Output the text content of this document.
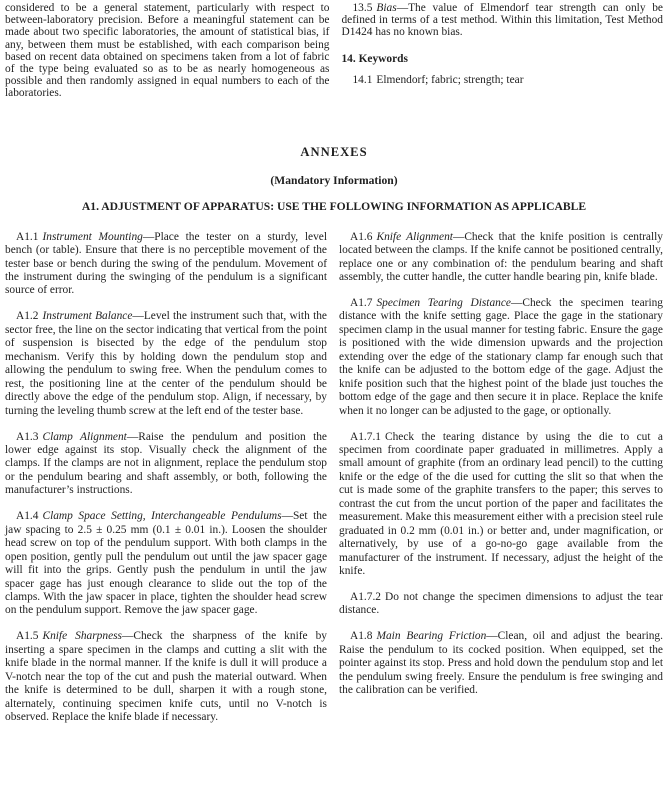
considered to be a general statement, particularly with respect to between-laboratory precision. Before a meaningful statement can be made about two specific laboratories, the amount of statistical bias, if any, between them must be established, with each comparison being based on recent data obtained on specimens taken from a lot of fabric of the type being evaluated so as to be as nearly homogeneous as possible and then randomly assigned in equal numbers to each of the laboratories.

13.5 Bias—The value of Elmendorf tear strength can only be defined in terms of a test method. Within this limitation, Test Method D1424 has no known bias.

14. Keywords

14.1 Elmendorf; fabric; strength; tear

ANNEXES
(Mandatory Information)
A1. ADJUSTMENT OF APPARATUS: USE THE FOLLOWING INFORMATION AS APPLICABLE

A1.1 Instrument Mounting—Place the tester on a sturdy, level bench (or table). Ensure that there is no perceptible movement of the tester base or bench during the swing of the pendulum. Movement of the instrument during the swinging of the pendulum is a significant source of error.

A1.2 Instrument Balance—Level the instrument such that, with the sector free, the line on the sector indicating that vertical from the point of suspension is bisected by the edge of the pendulum stop mechanism. Verify this by holding down the pendulum stop and allowing the pendulum to swing free. When the pendulum comes to rest, the positioning line at the center of the pendulum should be directly above the edge of the pendulum stop. Align, if necessary, by turning the leveling thumb screw at the left end of the tester base.

A1.3 Clamp Alignment—Raise the pendulum and position the lower edge against its stop. Visually check the alignment of the clamps. If the clamps are not in alignment, replace the pendulum stop or the pendulum bearing and shaft assembly, or both, following the manufacturer’s instructions.

A1.4 Clamp Space Setting, Interchangeable Pendulums—Set the jaw spacing to 2.5 ± 0.25 mm (0.1 ± 0.01 in.). Loosen the shoulder head screw on top of the pendulum support. With both clamps in the open position, gently pull the pendulum out until the jaw spacer gage will fit into the grips. Gently push the pendulum in until the jaw spacer gage has just enough clearance to slide out the top of the clamps. With the jaw spacer in place, tighten the shoulder head screw on the pendulum support. Remove the jaw spacer gage.

A1.5 Knife Sharpness—Check the sharpness of the knife by inserting a spare specimen in the clamps and cutting a slit with the knife blade in the normal manner. If the knife is dull it will produce a V-notch near the top of the cut and push the material outward. When the knife is determined to be dull, sharpen it with a rough stone, alternately, continuing specimen knife cuts, until no V-notch is observed. Replace the knife blade if necessary.

A1.6 Knife Alignment—Check that the knife position is centrally located between the clamps. If the knife cannot be positioned centrally, replace one or any combination of: the pendulum bearing and shaft assembly, the cutter handle, the cutter handle bearing pin, knife blade.

A1.7 Specimen Tearing Distance—Check the specimen tearing distance with the knife setting gage. Place the gage in the stationary specimen clamp in the usual manner for testing fabric. Ensure the gage is positioned with the wide dimension upwards and the projection extending over the edge of the stationary clamp far enough such that the knife can be adjusted to the bottom edge of the gage. Adjust the knife position such that the highest point of the blade just touches the bottom edge of the gage and then secure it in place. Replace the knife when it no longer can be adjusted to the gage, or optionally.

A1.7.1 Check the tearing distance by using the die to cut a specimen from coordinate paper graduated in millimetres. Apply a small amount of graphite (from an ordinary lead pencil) to the cutting knife or the edge of the die used for cutting the slit so that when the cut is made some of the graphite transfers to the paper; this serves to contrast the cut from the uncut portion of the paper and facilitates the measurement. Make this measurement either with a precision steel rule graduated in 0.2 mm (0.01 in.) or better and, under magnification, or alternatively, by use of a go-no-go gage available from the manufacturer of the instrument. If necessary, adjust the height of the knife.

A1.7.2 Do not change the specimen dimensions to adjust the tear distance.

A1.8 Main Bearing Friction—Clean, oil and adjust the bearing. Raise the pendulum to its cocked position. When equipped, set the pointer against its stop. Press and hold down the pendulum stop and let the pendulum swing freely. Ensure the pendulum is free swinging and the calibration can be verified.
